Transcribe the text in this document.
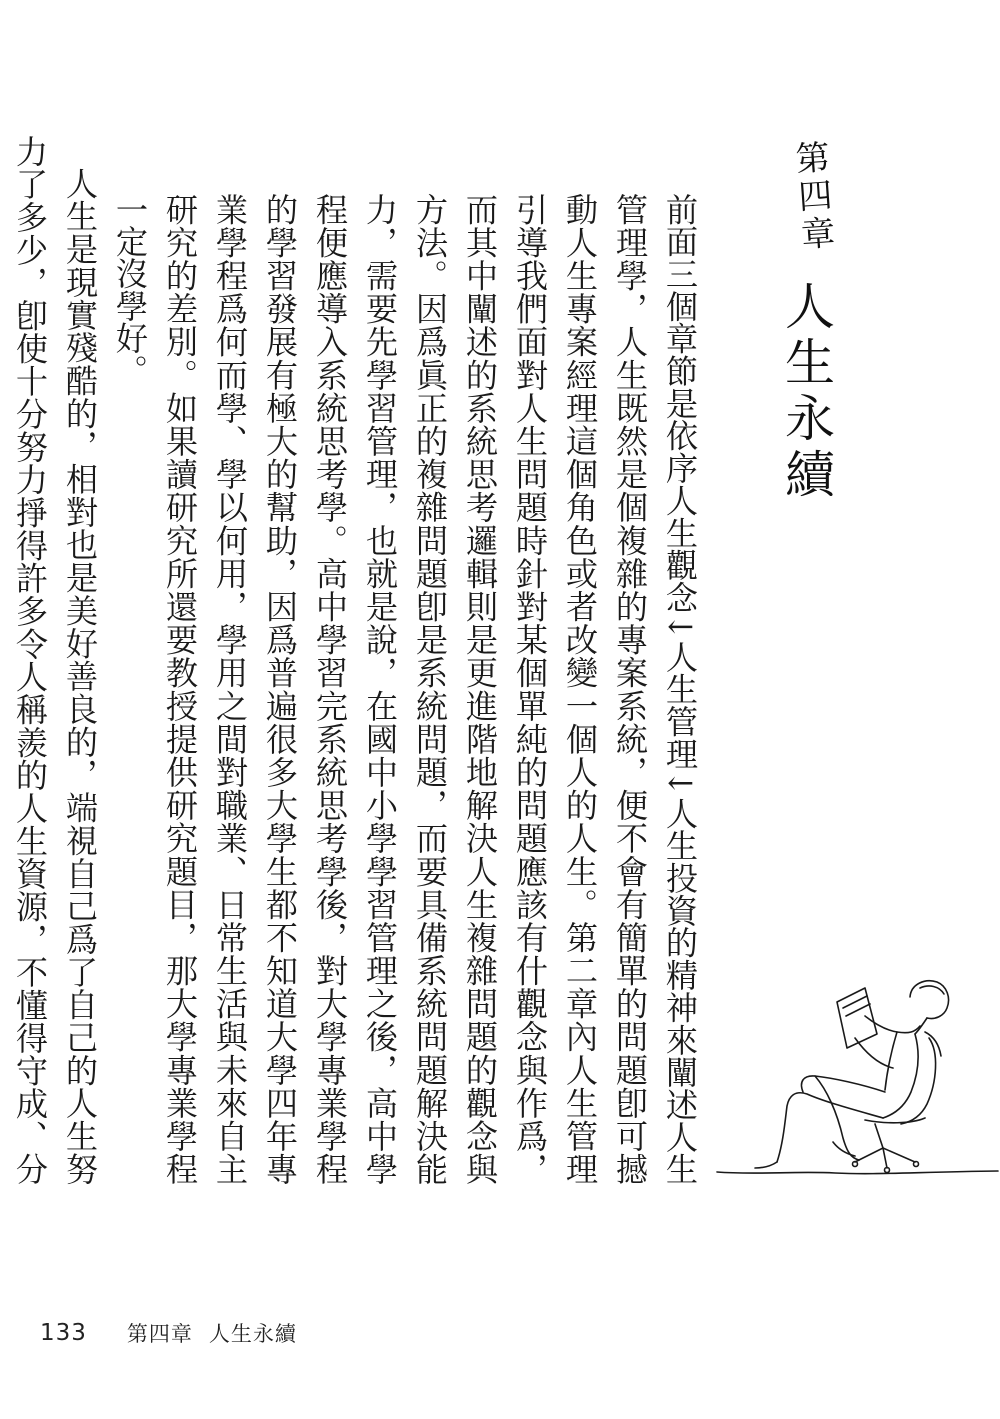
第四章
人生永續

前面三個章節是依序人生觀念↓人生管理↓人生投資的精神來闡述人生管理學，人生既然是個複雜的專案系統，便不會有簡單的問題卽可撼動人生專案經理這個角色或者改變一個人的人生。第二章內人生管理引導我們面對人生問題時針對某個單純的問題應該有什觀念與作爲，而其中闡述的系統思考邏輯則是更進階地解決人生複雜問題的觀念與方法。因爲眞正的複雜問題卽是系統問題，而要具備系統問題解決能力，需要先學習管理，也就是說，在國中小學學習管理之後，高中學程便應導入系統思考學。高中學習完系統思考學後，對大學專業學程的學習發展有極大的幫助，因爲普遍很多大學生都不知道大學四年專業學程爲何而學、學以何用，學用之間對職業、日常生活與未來自主研究的差別。如果讀研究所還要教授提供研究題目，那大學專業學程一定沒學好。

人生是現實殘酷的，相對也是美好善良的，端視自己爲了自己的人生努力了多少，卽使十分努力掙得許多令人稱羨的人生資源，不懂得守成、分

133 第四章 人生永續
